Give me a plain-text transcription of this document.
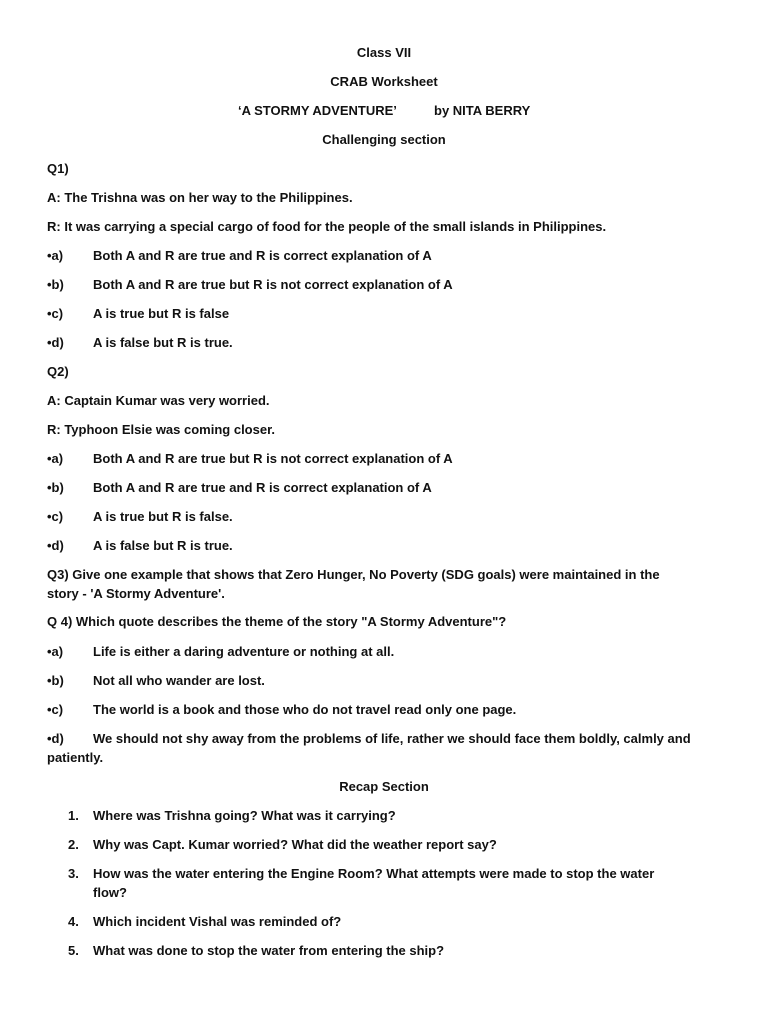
Class VII
CRAB Worksheet
‘A STORMY ADVENTURE’	by NITA BERRY
Challenging section
Q1)
A: The Trishna was on her way to the Philippines.
R: It was carrying a special cargo of food for the people of the small islands in Philippines.
•a) Both A and R are true and R is correct explanation of A
•b) Both A and R are true but R is not correct explanation of A
•c) A is true but R is false
•d) A is false but R is true.
Q2)
A: Captain Kumar was very worried.
R: Typhoon Elsie was coming closer.
•a) Both A and R are true but R is not correct explanation of A
•b) Both A and R are true and R is correct explanation of A
•c) A is true but R is false.
•d) A is false but R is true.
Q3) Give one example that shows that Zero Hunger, No Poverty (SDG goals) were maintained in the
story - 'A Stormy Adventure'.
Q 4) Which quote describes the theme of the story "A Stormy Adventure"?
•a) Life is either a daring adventure or nothing at all.
•b) Not all who wander are lost.
•c) The world is a book and those who do not travel read only one page.
•d) We should not shy away from the problems of life, rather we should face them boldly, calmly and
patiently.
Recap Section
1. Where was Trishna going? What was it carrying?
2. Why was Capt. Kumar worried? What did the weather report say?
3. How was the water entering the Engine Room? What attempts were made to stop the water
flow?
4. Which incident Vishal was reminded of?
5. What was done to stop the water from entering the ship?
